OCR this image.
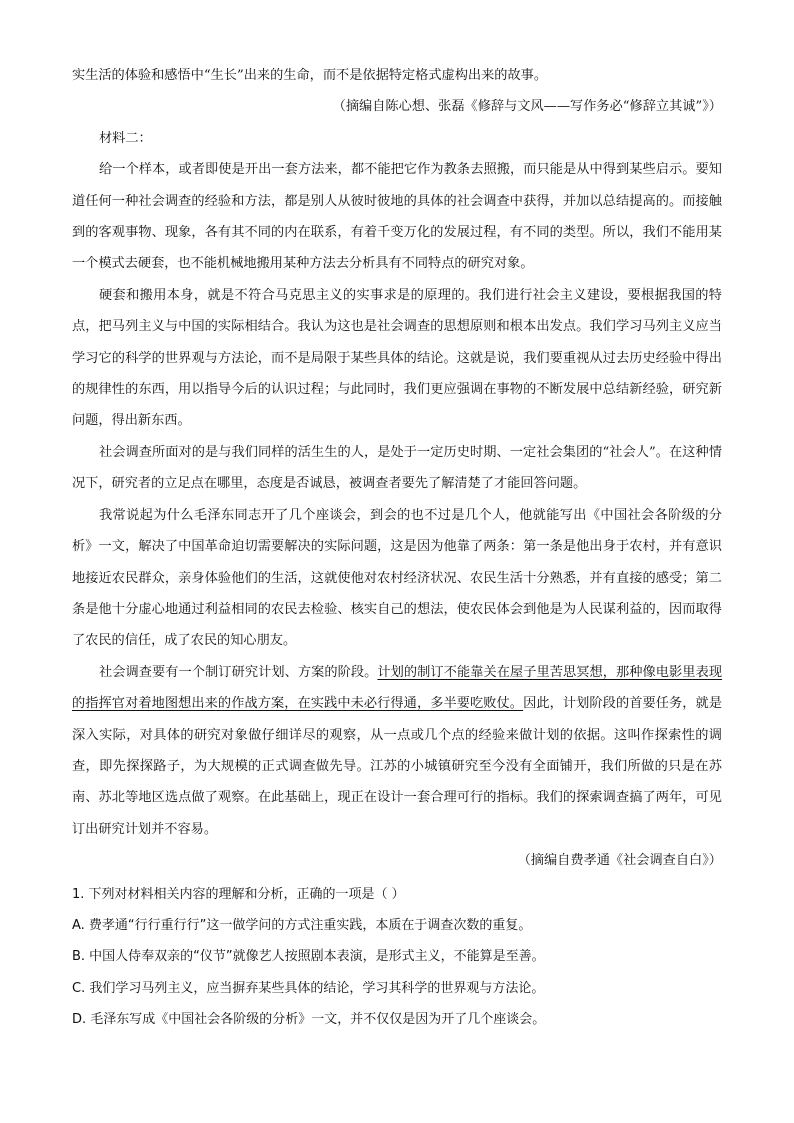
实生活的体验和感悟中“生长”出来的生命，而不是依据特定格式虚构出来的故事。

（摘编自陈心想、张磊《修辞与文风——写作务必“修辞立其诚”》）

材料二：

给一个样本，或者即使是开出一套方法来，都不能把它作为教条去照搬，而只能是从中得到某些启示。要知道任何一种社会调查的经验和方法，都是别人从彼时彼地的具体的社会调查中获得，并加以总结提高的。而接触到的客观事物、现象，各有其不同的内在联系，有着千变万化的发展过程，有不同的类型。所以，我们不能用某一个模式去硬套，也不能机械地搬用某种方法去分析具有不同特点的研究对象。

硬套和搬用本身，就是不符合马克思主义的实事求是的原理的。我们进行社会主义建设，要根据我国的特点，把马列主义与中国的实际相结合。我认为这也是社会调查的思想原则和根本出发点。我们学习马列主义应当学习它的科学的世界观与方法论，而不是局限于某些具体的结论。这就是说，我们要重视从过去历史经验中得出的规律性的东西，用以指导今后的认识过程；与此同时，我们更应强调在事物的不断发展中总结新经验，研究新问题，得出新东西。

社会调查所面对的是与我们同样的活生生的人，是处于一定历史时期、一定社会集团的“社会人”。在这种情况下，研究者的立足点在哪里，态度是否诚恳，被调查者要先了解清楚了才能回答问题。

我常说起为什么毛泽东同志开了几个座谈会，到会的也不过是几个人，他就能写出《中国社会各阶级的分析》一文，解决了中国革命迫切需要解决的实际问题，这是因为他靠了两条：第一条是他出身于农村，并有意识地接近农民群众，亲身体验他们的生活，这就使他对农村经济状况、农民生活十分熟悉，并有直接的感受；第二条是他十分虚心地通过利益相同的农民去检验、核实自己的想法，使农民体会到他是为人民谋利益的，因而取得了农民的信任，成了农民的知心朋友。

社会调查要有一个制订研究计划、方案的阶段。计划的制订不能靠关在屋子里苦思冥想，那种像电影里表现的指挥官对着地图想出来的作战方案，在实践中未必行得通，多半要吃败仗。因此，计划阶段的首要任务，就是深入实际，对具体的研究对象做仔细详尽的观察，从一点或几个点的经验来做计划的依据。这叫作探索性的调查，即先探探路子，为大规模的正式调查做先导。江苏的小城镇研究至今没有全面铺开，我们所做的只是在苏南、苏北等地区选点做了观察。在此基础上，现正在设计一套合理可行的指标。我们的探索调查搞了两年，可见订出研究计划并不容易。

（摘编自费孝通《社会调查自白》）

1. 下列对材料相关内容的理解和分析，正确的一项是（ ）

A. 费孝通“行行重行行”这一做学问的方式注重实践，本质在于调查次数的重复。

B. 中国人侍奉双亲的“仪节”就像艺人按照剧本表演，是形式主义，不能算是至善。

C. 我们学习马列主义，应当摒弃某些具体的结论，学习其科学的世界观与方法论。

D. 毛泽东写成《中国社会各阶级的分析》一文，并不仅仅是因为开了几个座谈会。
